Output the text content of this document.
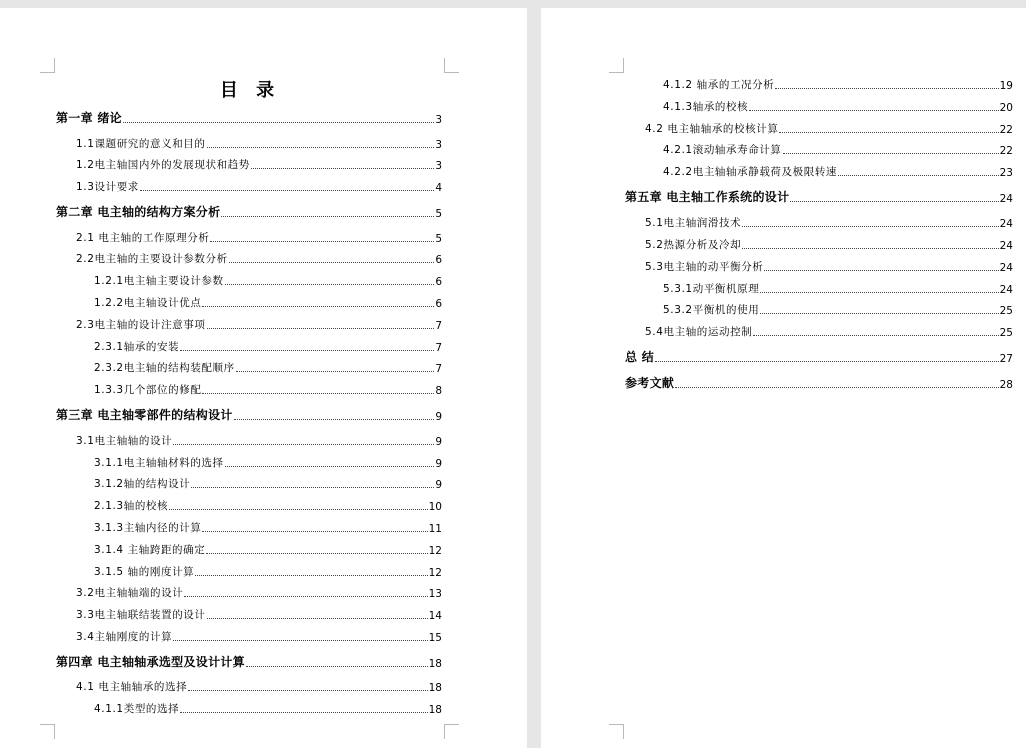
目 录
第一章 绪论	3
1.1课题研究的意义和目的	3
1.2电主轴国内外的发展现状和趋势	3
1.3设计要求	4
第二章 电主轴的结构方案分析	5
2.1 电主轴的工作原理分析	5
2.2电主轴的主要设计参数分析	6
1.2.1电主轴主要设计参数	6
1.2.2电主轴设计优点	6
2.3电主轴的设计注意事项	7
2.3.1轴承的安装	7
2.3.2电主轴的结构装配顺序	7
1.3.3几个部位的修配	8
第三章 电主轴零部件的结构设计	9
3.1电主轴轴的设计	9
3.1.1电主轴轴材料的选择	9
3.1.2轴的结构设计	9
2.1.3轴的校核	10
3.1.3主轴内径的计算	11
3.1.4 主轴跨距的确定	12
3.1.5 轴的刚度计算	12
3.2电主轴轴端的设计	13
3.3电主轴联结装置的设计	14
3.4主轴刚度的计算	15
第四章 电主轴轴承选型及设计计算	18
4.1 电主轴轴承的选择	18
4.1.1类型的选择	18
4.1.2 轴承的工况分析	19
4.1.3轴承的校核	20
4.2 电主轴轴承的校核计算	22
4.2.1滚动轴承寿命计算	22
4.2.2电主轴轴承静载荷及极限转速	23
第五章 电主轴工作系统的设计	24
5.1电主轴润滑技术	24
5.2热源分析及冷却	24
5.3电主轴的动平衡分析	24
5.3.1动平衡机原理	24
5.3.2平衡机的使用	25
5.4电主轴的运动控制	25
总 结	27
参考文献	28
